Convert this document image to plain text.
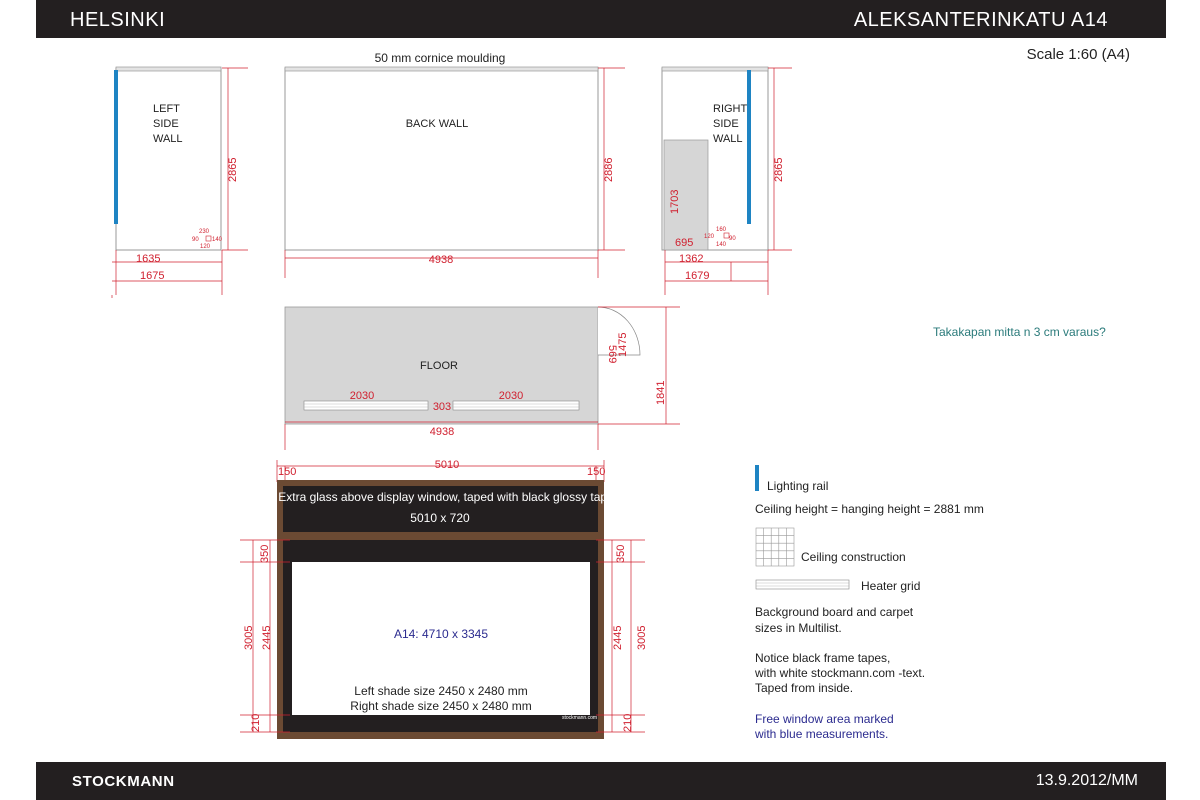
HELSINKI	ALEKSANTERINKATU A14
Scale 1:60 (A4)
LEFT
SIDE
WALL
2865
1635
1675
230
90
120
140
50 mm cornice moulding
BACK WALL
2886
4938
RIGHT
SIDE
WALL
1703
695
2865
1362
1679
160
120
140
90
FLOOR
2030
303
2030
569 1475
4938
1841
5010
150	150
Extra glass above display window, taped with black glossy tape
5010 x 720
A14: 4710 x 3345
Left shade size 2450 x 2480 mm
Right shade size 2450 x 2480 mm
stockmann.com
350
3005 2445
210
350
2445 3005
210
Lighting rail
Ceiling height = hanging height = 2881 mm
Ceiling construction
Heater grid
Background board and carpet
sizes in Multilist.
Notice black frame tapes,
with white stockmann.com -text.
Taped from inside.
Free window area marked
with blue measurements.
Takakapan mitta n 3 cm varaus?
STOCKMANN	13.9.2012/MM
